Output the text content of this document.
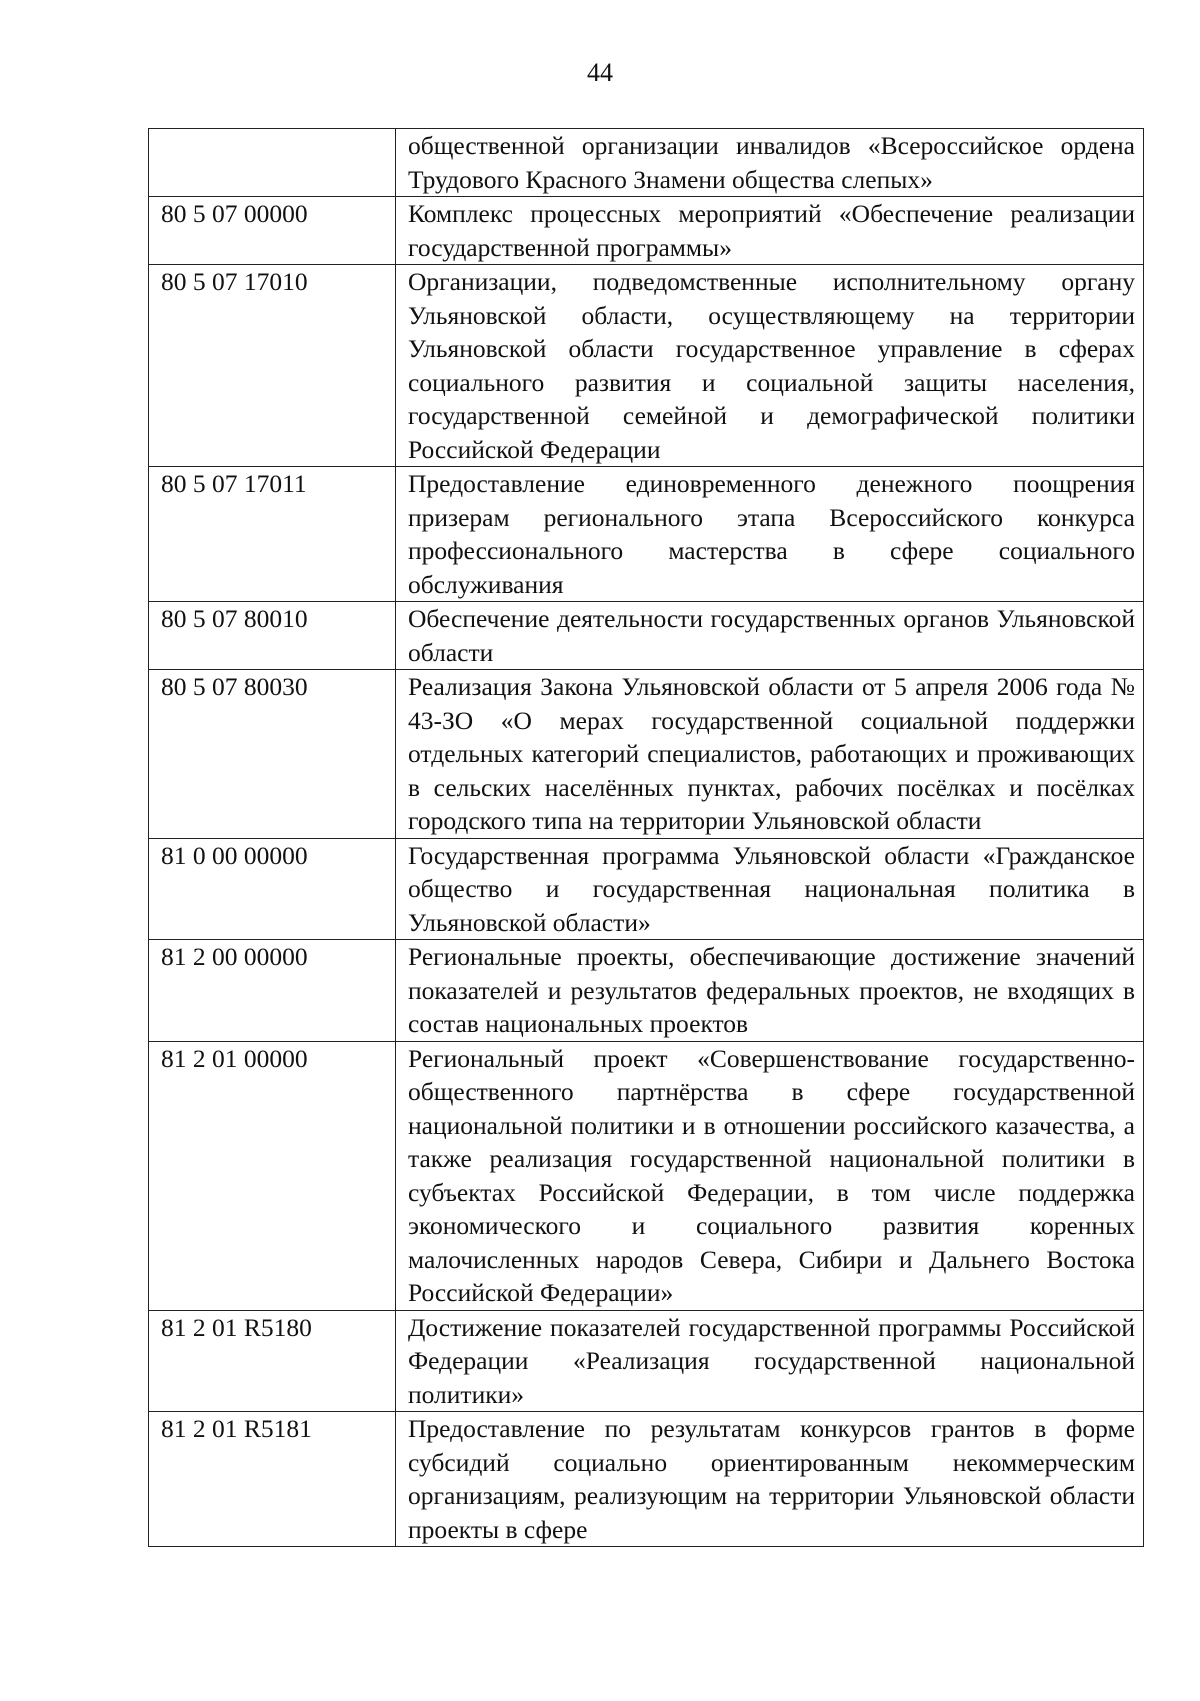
44
	общественной организации инвалидов «Всероссийское ордена Трудового Красного Знамени общества слепых»
80 5 07 00000	Комплекс процессных мероприятий «Обеспечение реализации государственной программы»
80 5 07 17010	Организации, подведомственные исполнительному органу Ульяновской области, осуществляющему на территории Ульяновской области государственное управление в сферах социального развития и социальной защиты населения, государственной семейной и демографической политики Российской Федерации
80 5 07 17011	Предоставление единовременного денежного поощрения призерам регионального этапа Всероссийского конкурса профессионального мастерства в сфере социального обслуживания
80 5 07 80010	Обеспечение деятельности государственных органов Ульяновской области
80 5 07 80030	Реализация Закона Ульяновской области от 5 апреля 2006 года № 43-ЗО «О мерах государственной социальной поддержки отдельных категорий специалистов, работающих и проживающих в сельских населённых пунктах, рабочих посёлках и посёлках городского типа на территории Ульяновской области
81 0 00 00000	Государственная программа Ульяновской области «Гражданское общество и государственная национальная политика в Ульяновской области»
81 2 00 00000	Региональные проекты, обеспечивающие достижение значений показателей и результатов федеральных проектов, не входящих в состав национальных проектов
81 2 01 00000	Региональный проект «Совершенствование государственно-общественного партнёрства в сфере государственной национальной политики и в отношении российского казачества, а также реализация государственной национальной политики в субъектах Российской Федерации, в том числе поддержка экономического и социального развития коренных малочисленных народов Севера, Сибири и Дальнего Востока Российской Федерации»
81 2 01 R5180	Достижение показателей государственной программы Российской Федерации «Реализация государственной национальной политики»
81 2 01 R5181	Предоставление по результатам конкурсов грантов в форме субсидий социально ориентированным некоммерческим организациям, реализующим на территории Ульяновской области проекты в сфере
